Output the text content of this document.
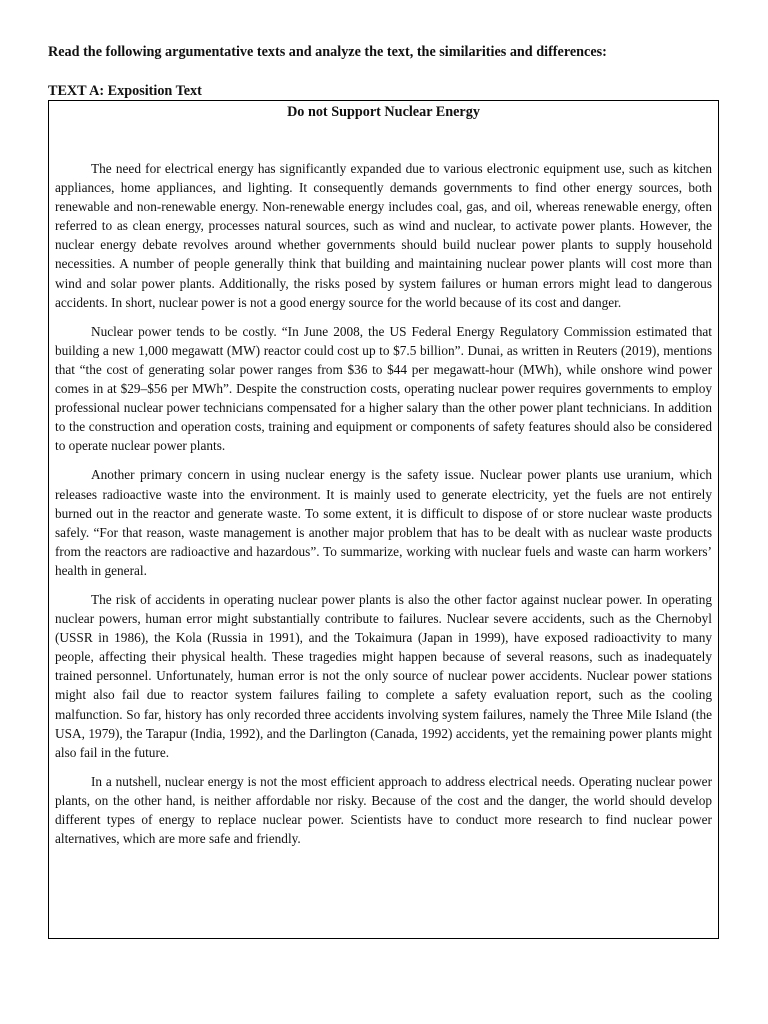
Read the following argumentative texts and analyze the text, the similarities and differences:
TEXT A: Exposition Text
Do not Support Nuclear Energy

The need for electrical energy has significantly expanded due to various electronic equipment use, such as kitchen appliances, home appliances, and lighting. It consequently demands governments to find other energy sources, both renewable and non-renewable energy. Non-renewable energy includes coal, gas, and oil, whereas renewable energy, often referred to as clean energy, processes natural sources, such as wind and nuclear, to activate power plants. However, the nuclear energy debate revolves around whether governments should build nuclear power plants to supply household necessities. A number of people generally think that building and maintaining nuclear power plants will cost more than wind and solar power plants. Additionally, the risks posed by system failures or human errors might lead to dangerous accidents. In short, nuclear power is not a good energy source for the world because of its cost and danger.

Nuclear power tends to be costly. “In June 2008, the US Federal Energy Regulatory Commission estimated that building a new 1,000 megawatt (MW) reactor could cost up to $7.5 billion”. Dunai, as written in Reuters (2019), mentions that “the cost of generating solar power ranges from $36 to $44 per megawatt-hour (MWh), while onshore wind power comes in at $29–$56 per MWh”. Despite the construction costs, operating nuclear power requires governments to employ professional nuclear power technicians compensated for a higher salary than the other power plant technicians. In addition to the construction and operation costs, training and equipment or components of safety features should also be considered to operate nuclear power plants.

Another primary concern in using nuclear energy is the safety issue. Nuclear power plants use uranium, which releases radioactive waste into the environment. It is mainly used to generate electricity, yet the fuels are not entirely burned out in the reactor and generate waste. To some extent, it is difficult to dispose of or store nuclear waste products safely. “For that reason, waste management is another major problem that has to be dealt with as nuclear waste products from the reactors are radioactive and hazardous”. To summarize, working with nuclear fuels and waste can harm workers’ health in general.

The risk of accidents in operating nuclear power plants is also the other factor against nuclear power. In operating nuclear powers, human error might substantially contribute to failures. Nuclear severe accidents, such as the Chernobyl (USSR in 1986), the Kola (Russia in 1991), and the Tokaimura (Japan in 1999), have exposed radioactivity to many people, affecting their physical health. These tragedies might happen because of several reasons, such as inadequately trained personnel. Unfortunately, human error is not the only source of nuclear power accidents. Nuclear power stations might also fail due to reactor system failures failing to complete a safety evaluation report, such as the cooling malfunction. So far, history has only recorded three accidents involving system failures, namely the Three Mile Island (the USA, 1979), the Tarapur (India, 1992), and the Darlington (Canada, 1992) accidents, yet the remaining power plants might also fail in the future.

In a nutshell, nuclear energy is not the most efficient approach to address electrical needs. Operating nuclear power plants, on the other hand, is neither affordable nor risky. Because of the cost and the danger, the world should develop different types of energy to replace nuclear power. Scientists have to conduct more research to find nuclear power alternatives, which are more safe and friendly.
